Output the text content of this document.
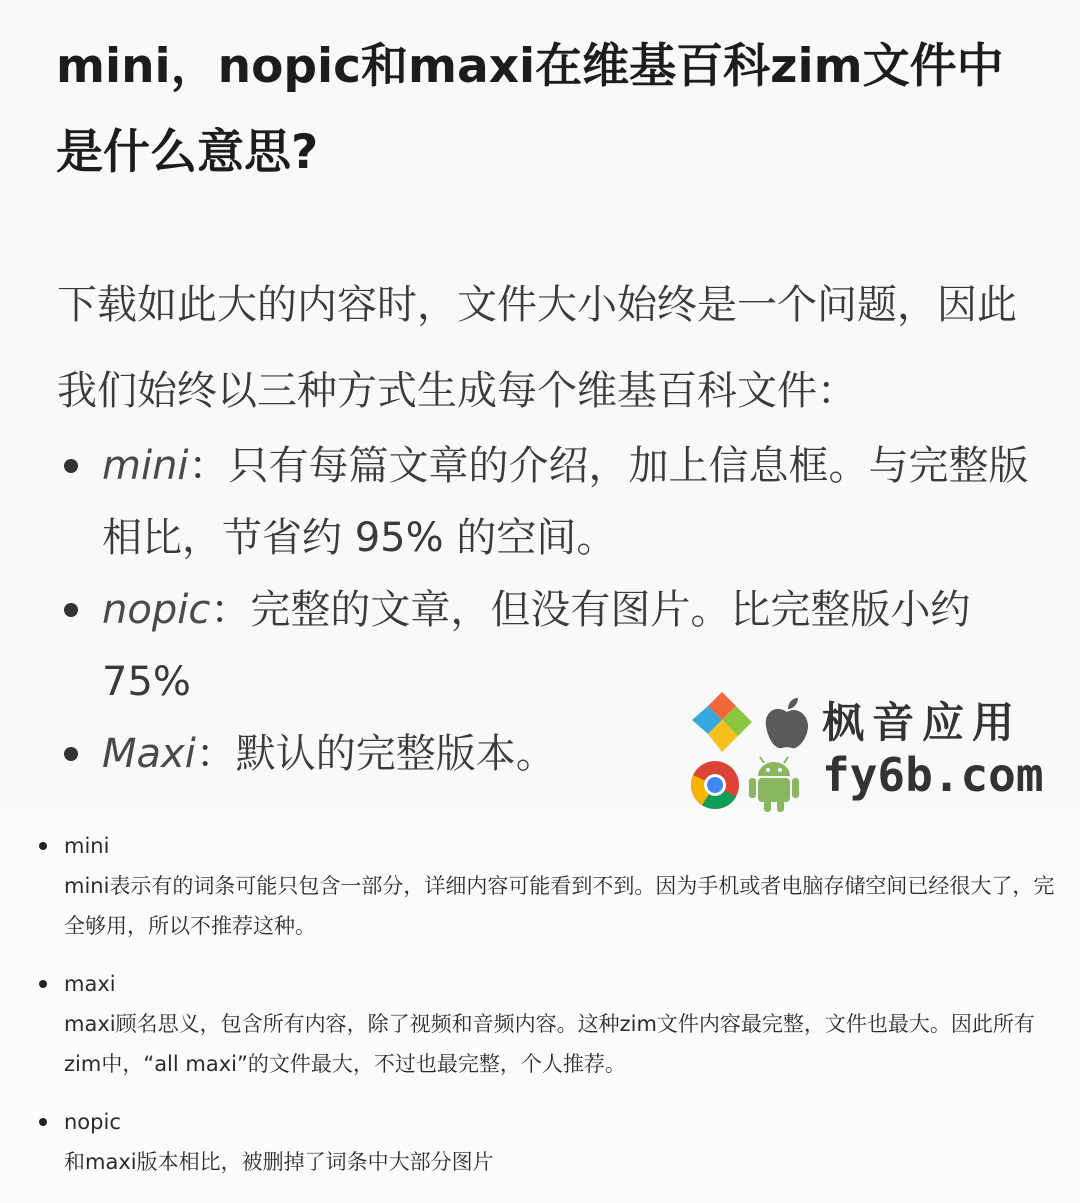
mini，nopic和maxi在维基百科zim文件中是什么意思?

下载如此大的内容时，文件大小始终是一个问题，因此我们始终以三种方式生成每个维基百科文件：

mini：只有每篇文章的介绍，加上信息框。与完整版相比，节省约 95% 的空间。
nopic：完整的文章，但没有图片。比完整版小约75%
Maxi：默认的完整版本。
枫音应用
fy6b.com
mini
mini表示有的词条可能只包含一部分，详细内容可能看到不到。因为手机或者电脑存储空间已经很大了，完全够用，所以不推荐这种。
maxi
maxi顾名思义，包含所有内容，除了视频和音频内容。这种zim文件内容最完整，文件也最大。因此所有zim中，“all maxi”的文件最大，不过也最完整，个人推荐。
nopic
和maxi版本相比，被删掉了词条中大部分图片
